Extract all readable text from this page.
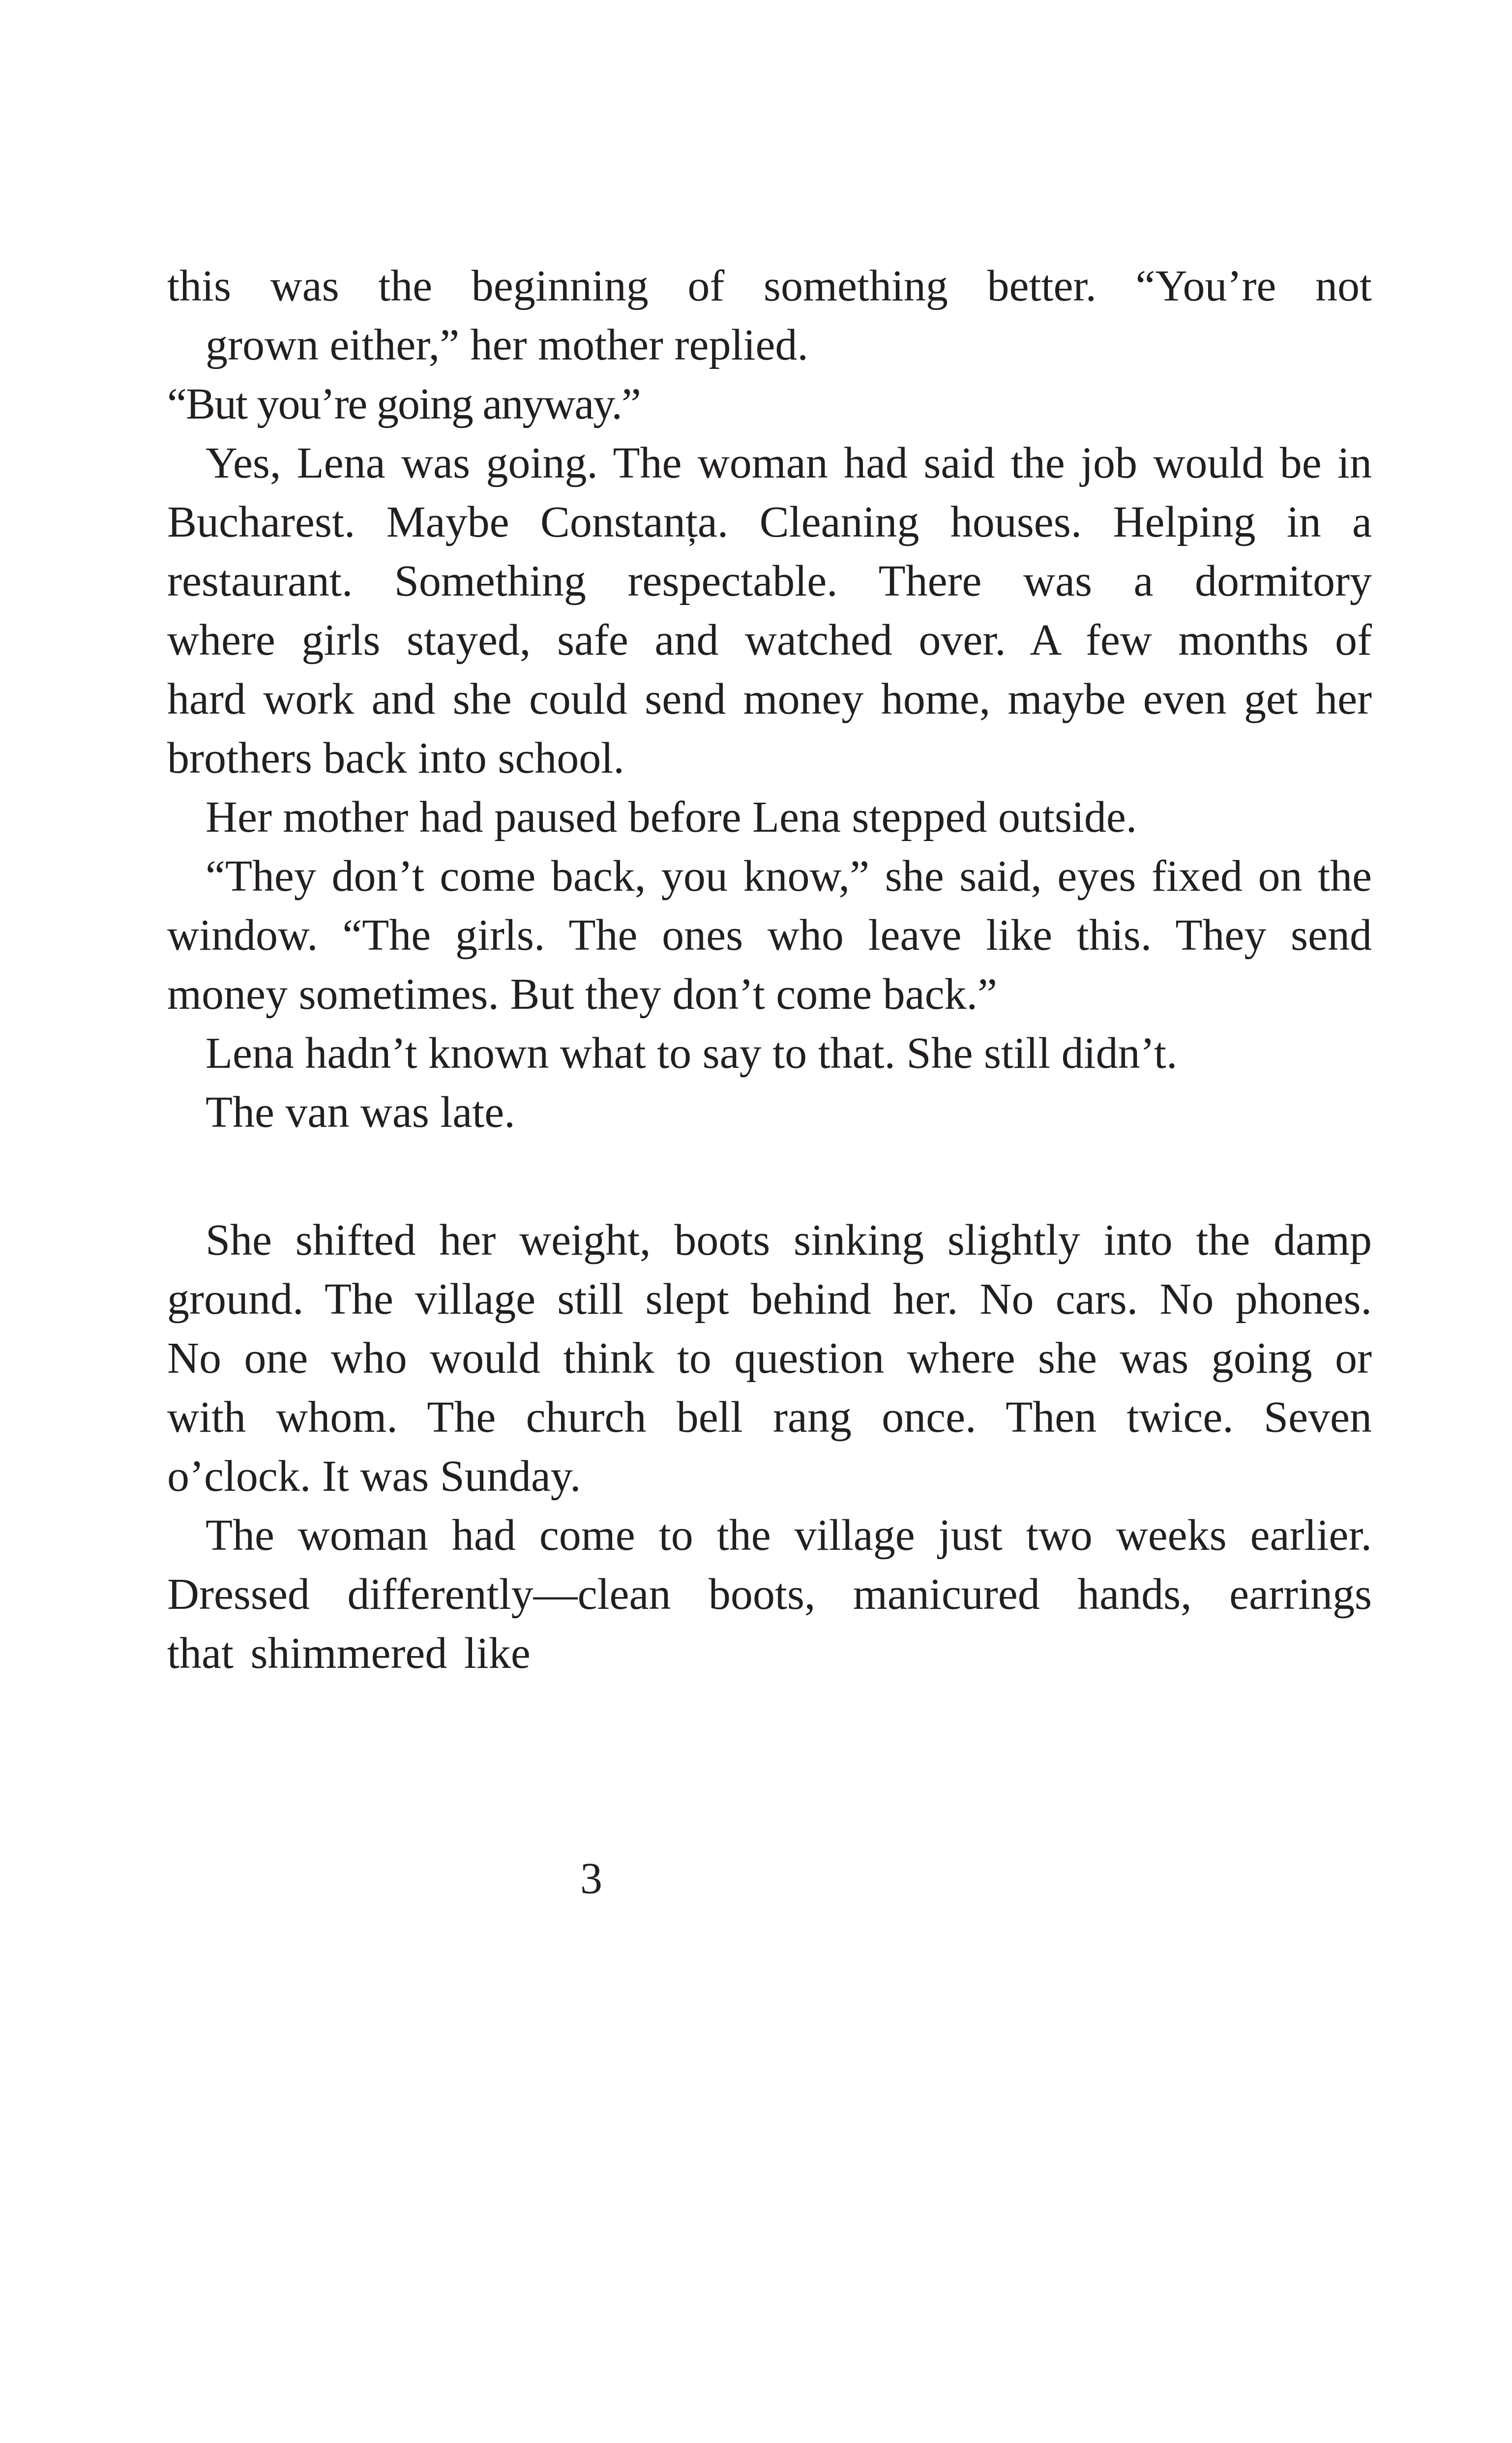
this was the beginning of something better. “You’re not
grown either,” her mother replied.
“But you’re going anyway.”
Yes, Lena was going. The woman had said the job would be in
Bucharest. Maybe Constanța. Cleaning houses. Helping in a
restaurant. Something respectable. There was a dormitory
where girls stayed, safe and watched over. A few months of
hard work and she could send money home, maybe even get her
brothers back into school.
Her mother had paused before Lena stepped outside.
“They don’t come back, you know,” she said, eyes fixed on the
window. “The girls. The ones who leave like this. They send
money sometimes. But they don’t come back.”
Lena hadn’t known what to say to that. She still didn’t.
The van was late.
She shifted her weight, boots sinking slightly into the damp
ground. The village still slept behind her. No cars. No phones.
No one who would think to question where she was going or
with whom. The church bell rang once. Then twice. Seven
o’clock. It was Sunday.
The woman had come to the village just two weeks earlier.
Dressed differently—clean boots, manicured hands, earrings
that shimmered like
3
